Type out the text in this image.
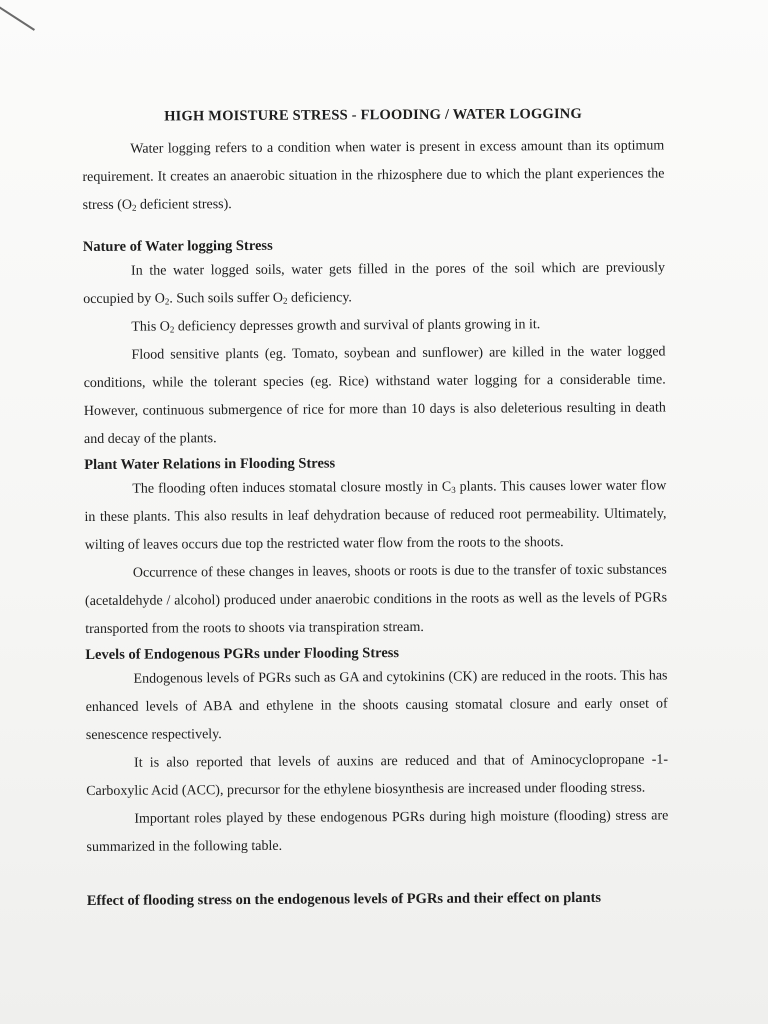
HIGH MOISTURE STRESS - FLOODING / WATER LOGGING

Water logging refers to a condition when water is present in excess amount than its optimum requirement. It creates an anaerobic situation in the rhizosphere due to which the plant experiences the stress ($O_2$ deficient stress).

Nature of Water logging Stress

In the water logged soils, water gets filled in the pores of the soil which are previously occupied by $O_2$. Such soils suffer $O_2$ deficiency.

This $O_2$ deficiency depresses growth and survival of plants growing in it.

Flood sensitive plants (eg. Tomato, soybean and sunflower) are killed in the water logged conditions, while the tolerant species (eg. Rice) withstand water logging for a considerable time. However, continuous submergence of rice for more than 10 days is also deleterious resulting in death and decay of the plants.

Plant Water Relations in Flooding Stress

The flooding often induces stomatal closure mostly in $C_3$ plants. This causes lower water flow in these plants. This also results in leaf dehydration because of reduced root permeability. Ultimately, wilting of leaves occurs due top the restricted water flow from the roots to the shoots.

Occurrence of these changes in leaves, shoots or roots is due to the transfer of toxic substances (acetaldehyde / alcohol) produced under anaerobic conditions in the roots as well as the levels of PGRs transported from the roots to shoots via transpiration stream.

Levels of Endogenous PGRs under Flooding Stress

Endogenous levels of PGRs such as GA and cytokinins (CK) are reduced in the roots. This has enhanced levels of ABA and ethylene in the shoots causing stomatal closure and early onset of senescence respectively.

It is also reported that levels of auxins are reduced and that of Aminocyclopropane -1-Carboxylic Acid (ACC), precursor for the ethylene biosynthesis are increased under flooding stress.

Important roles played by these endogenous PGRs during high moisture (flooding) stress are summarized in the following table.

Effect of flooding stress on the endogenous levels of PGRs and their effect on plants
